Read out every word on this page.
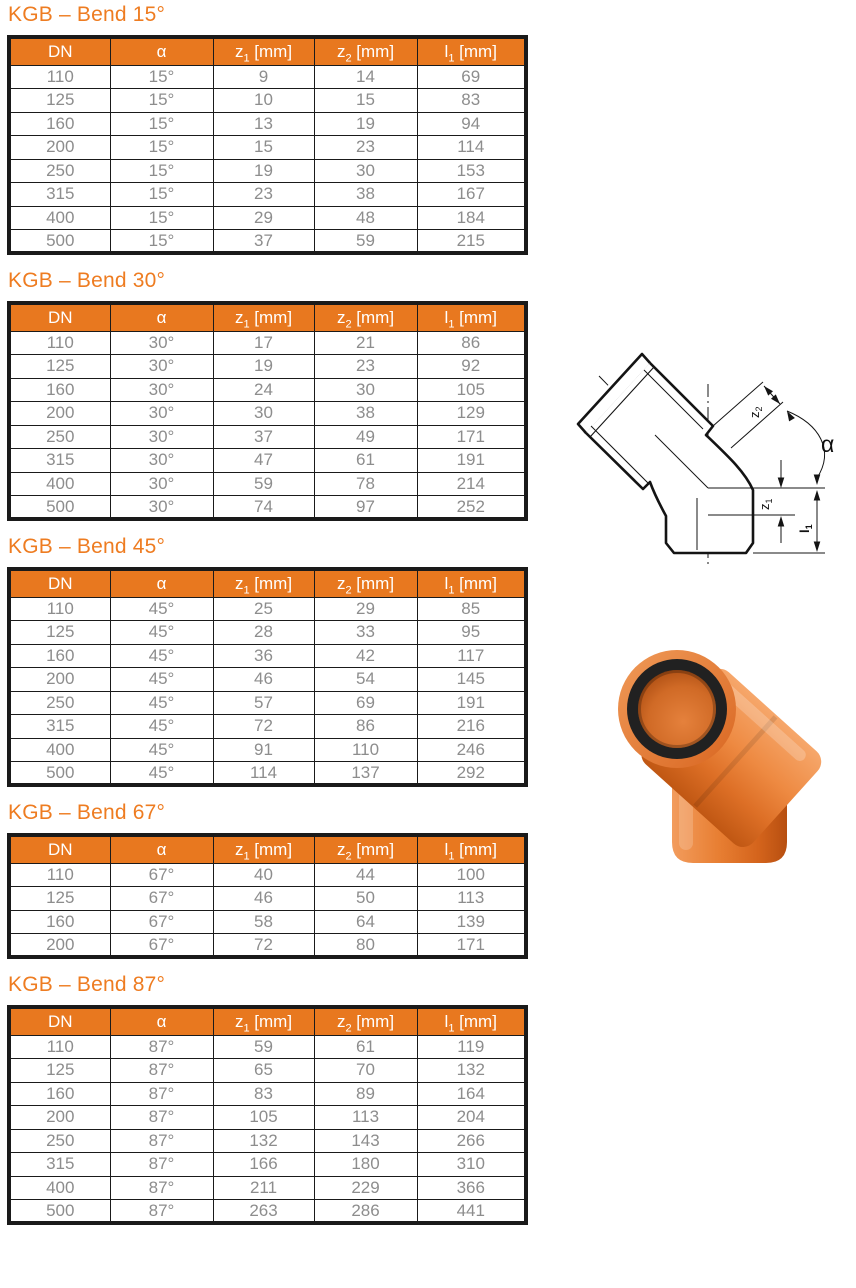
KGB – Bend 15°
DN	α	$z_1$ [mm]	$z_2$ [mm]	$l_1$ [mm]
110	15°	9	14	69
125	15°	10	15	83
160	15°	13	19	94
200	15°	15	23	114
250	15°	19	30	153
315	15°	23	38	167
400	15°	29	48	184
500	15°	37	59	215
KGB – Bend 30°
DN	α	$z_1$ [mm]	$z_2$ [mm]	$l_1$ [mm]
110	30°	17	21	86
125	30°	19	23	92
160	30°	24	30	105
200	30°	30	38	129
250	30°	37	49	171
315	30°	47	61	191
400	30°	59	78	214
500	30°	74	97	252
KGB – Bend 45°
DN	α	$z_1$ [mm]	$z_2$ [mm]	$l_1$ [mm]
110	45°	25	29	85
125	45°	28	33	95
160	45°	36	42	117
200	45°	46	54	145
250	45°	57	69	191
315	45°	72	86	216
400	45°	91	110	246
500	45°	114	137	292
KGB – Bend 67°
DN	α	$z_1$ [mm]	$z_2$ [mm]	$l_1$ [mm]
110	67°	40	44	100
125	67°	46	50	113
160	67°	58	64	139
200	67°	72	80	171
KGB – Bend 87°
DN	α	$z_1$ [mm]	$z_2$ [mm]	$l_1$ [mm]
110	87°	59	61	119
125	87°	65	70	132
160	87°	83	89	164
200	87°	105	113	204
250	87°	132	143	266
315	87°	166	180	310
400	87°	211	229	366
500	87°	263	286	441
$z_2$
α
$z_1$
$l_1$
